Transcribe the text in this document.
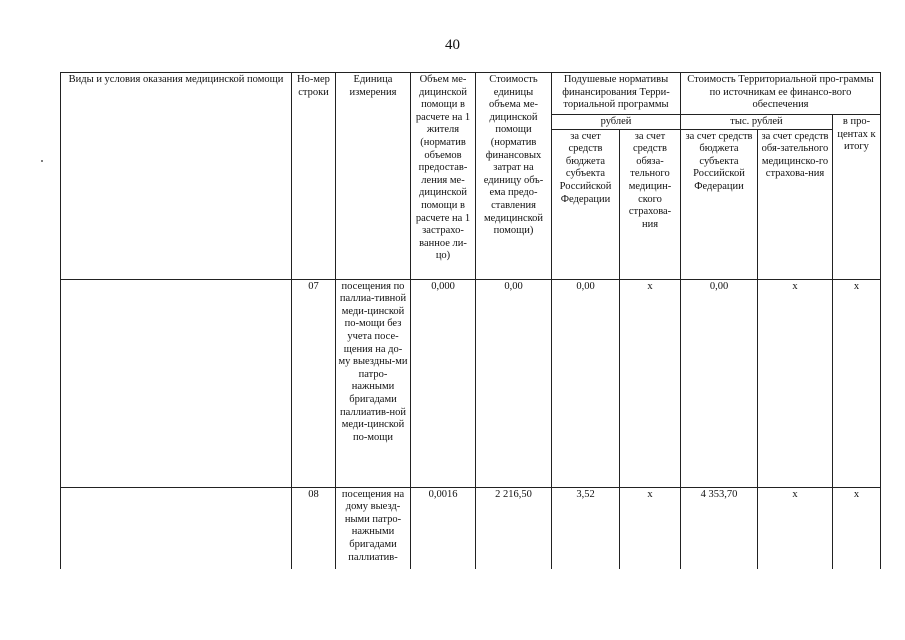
40
Виды и условия оказания медицинской помощи	Но-мер строки	Единица измерения	Объем ме-дицинской помощи в расчете на 1 жителя (норматив объемов предостав-ления ме-дицинской помощи в расчете на 1 застрахо-ванное ли-цо)	Стоимость единицы объема ме-дицинской помощи (норматив финансовых затрат на единицу объ-ема предо-ставления медицинской помощи)	Подушевые нормативы финансирования Терри-ториальной программы		Стоимость Территориальной про-граммы по источникам ее финансо-вого обеспечения		
					рублей		тыс. рублей		в про-центах к итогу
					за счет средств бюджета субъекта Российской Федерации	за счет средств обяза-тельного медицин-ского страхова-ния	за счет средств бюджета субъекта Российской Федерации	за счет средств обя-зательного медицинско-го страхова-ния	
	07	посещения по паллиа-тивной меди-цинской по-мощи без учета посе-щения на до-му выездны-ми патро-нажными бригадами паллиатив-ной меди-цинской по-мощи	0,000	0,00	0,00	х	0,00	х	х
	08	посещения на дому выезд-ными патро-нажными бригадами паллиатив-	0,0016	2 216,50	3,52	х	4 353,70	х	х
